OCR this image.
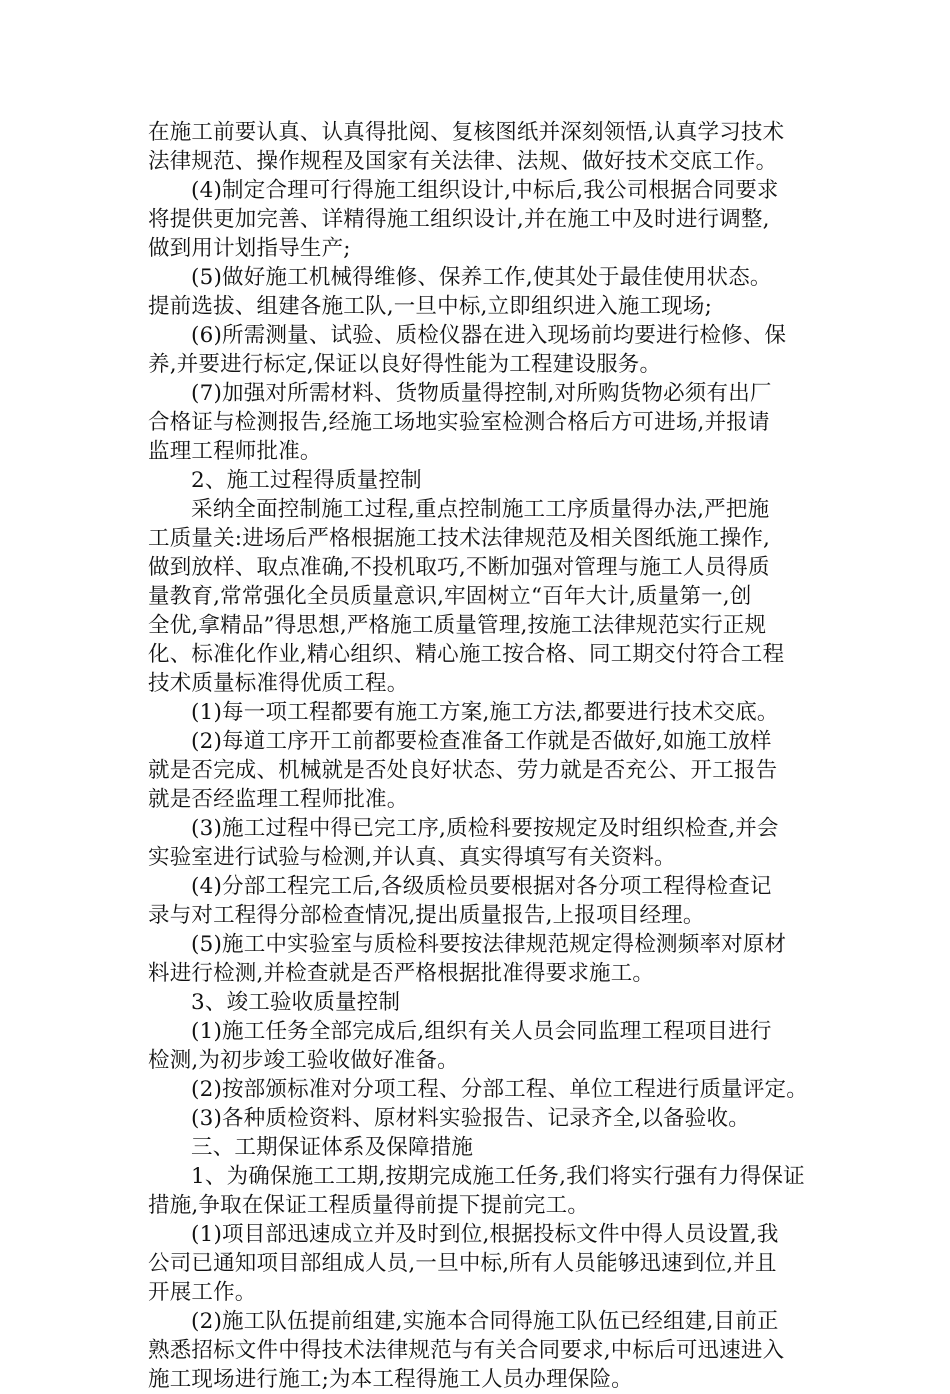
在施工前要认真、认真得批阅、复核图纸并深刻领悟,认真学习技术
法律规范、操作规程及国家有关法律、法规、做好技术交底工作。
(4)制定合理可行得施工组织设计,中标后,我公司根据合同要求
将提供更加完善、详精得施工组织设计,并在施工中及时进行调整,
做到用计划指导生产;
(5)做好施工机械得维修、保养工作,使其处于最佳使用状态。
提前选拔、组建各施工队,一旦中标,立即组织进入施工现场;
(6)所需测量、试验、质检仪器在进入现场前均要进行检修、保
养,并要进行标定,保证以良好得性能为工程建设服务。
(7)加强对所需材料、货物质量得控制,对所购货物必须有出厂
合格证与检测报告,经施工场地实验室检测合格后方可进场,并报请
监理工程师批准。
2、施工过程得质量控制
采纳全面控制施工过程,重点控制施工工序质量得办法,严把施
工质量关:进场后严格根据施工技术法律规范及相关图纸施工操作,
做到放样、取点准确,不投机取巧,不断加强对管理与施工人员得质
量教育,常常强化全员质量意识,牢固树立“百年大计,质量第一,创
全优,拿精品”得思想,严格施工质量管理,按施工法律规范实行正规
化、标准化作业,精心组织、精心施工按合格、同工期交付符合工程
技术质量标准得优质工程。
(1)每一项工程都要有施工方案,施工方法,都要进行技术交底。
(2)每道工序开工前都要检查准备工作就是否做好,如施工放样
就是否完成、机械就是否处良好状态、劳力就是否充公、开工报告
就是否经监理工程师批准。
(3)施工过程中得已完工序,质检科要按规定及时组织检查,并会
实验室进行试验与检测,并认真、真实得填写有关资料。
(4)分部工程完工后,各级质检员要根据对各分项工程得检查记
录与对工程得分部检查情况,提出质量报告,上报项目经理。
(5)施工中实验室与质检科要按法律规范规定得检测频率对原材
料进行检测,并检查就是否严格根据批准得要求施工。
3、竣工验收质量控制
(1)施工任务全部完成后,组织有关人员会同监理工程项目进行
检测,为初步竣工验收做好准备。
(2)按部颁标准对分项工程、分部工程、单位工程进行质量评定。
(3)各种质检资料、原材料实验报告、记录齐全,以备验收。
三、工期保证体系及保障措施
1、为确保施工工期,按期完成施工任务,我们将实行强有力得保证
措施,争取在保证工程质量得前提下提前完工。
(1)项目部迅速成立并及时到位,根据投标文件中得人员设置,我
公司已通知项目部组成人员,一旦中标,所有人员能够迅速到位,并且
开展工作。
(2)施工队伍提前组建,实施本合同得施工队伍已经组建,目前正
熟悉招标文件中得技术法律规范与有关合同要求,中标后可迅速进入
施工现场进行施工;为本工程得施工人员办理保险。
